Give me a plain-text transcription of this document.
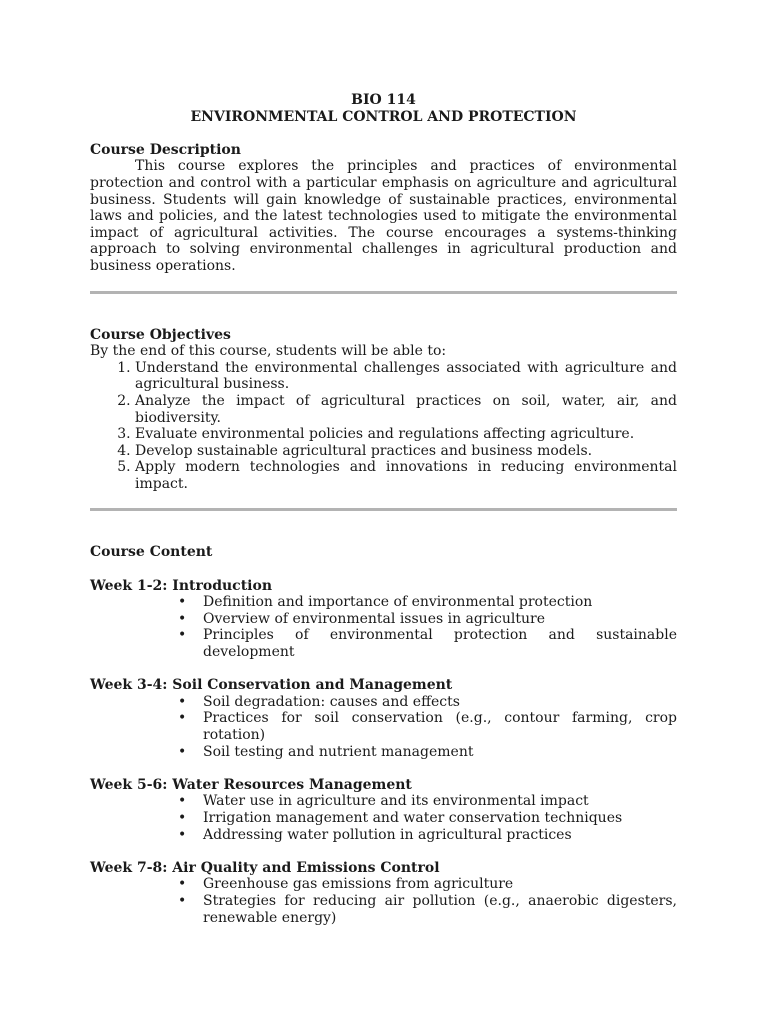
BIO 114
ENVIRONMENTAL CONTROL AND PROTECTION
Course Description

This course explores the principles and practices of environmental protection and control with a particular emphasis on agriculture and agricultural business. Students will gain knowledge of sustainable practices, environmental laws and policies, and the latest technologies used to mitigate the environmental impact of agricultural activities. The course encourages a systems-thinking approach to solving environmental challenges in agricultural production and business operations.

Course Objectives
By the end of this course, students will be able to:
1. Understand the environmental challenges associated with agriculture and agricultural business.
2. Analyze the impact of agricultural practices on soil, water, air, and biodiversity.
3. Evaluate environmental policies and regulations affecting agriculture.
4. Develop sustainable agricultural practices and business models.
5. Apply modern technologies and innovations in reducing environmental impact.
Course Content
Week 1-2: Introduction
• Definition and importance of environmental protection
• Overview of environmental issues in agriculture
• Principles of environmental protection and sustainable development
Week 3-4: Soil Conservation and Management
• Soil degradation: causes and effects
• Practices for soil conservation (e.g., contour farming, crop rotation)
• Soil testing and nutrient management
Week 5-6: Water Resources Management
• Water use in agriculture and its environmental impact
• Irrigation management and water conservation techniques
• Addressing water pollution in agricultural practices
Week 7-8: Air Quality and Emissions Control
• Greenhouse gas emissions from agriculture
• Strategies for reducing air pollution (e.g., anaerobic digesters, renewable energy)
